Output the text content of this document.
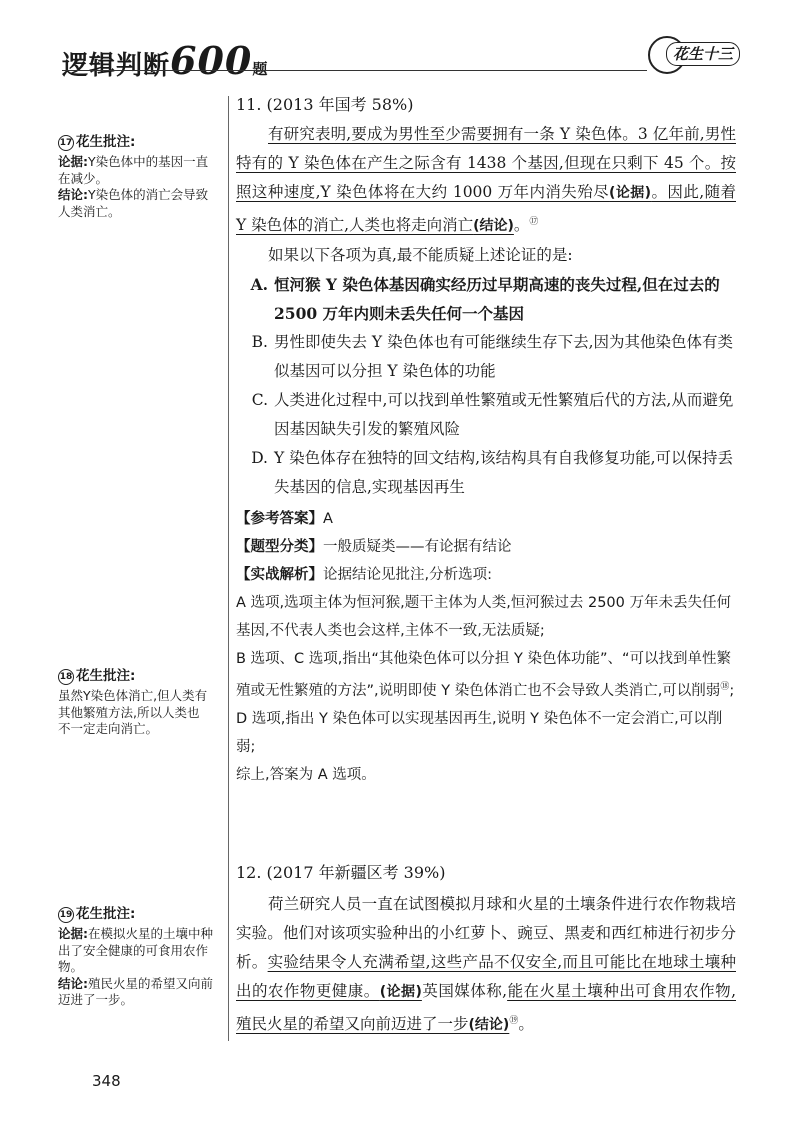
逻辑判断600题
花生十三
17 花生批注:

论据:Y染色体中的基因一直在减少。

结论:Y染色体的消亡会导致人类消亡。

18 花生批注:

虽然Y染色体消亡,但人类有其他繁殖方法,所以人类也不一定走向消亡。

19 花生批注:

论据:在模拟火星的土壤中种出了安全健康的可食用农作物。

结论:殖民火星的希望又向前迈进了一步。

11. (2013 年国考 58%)

有研究表明,要成为男性至少需要拥有一条 Y 染色体。3 亿年前,男性特有的 Y 染色体在产生之际含有 1438 个基因,但现在只剩下 45 个。按照这种速度,Y 染色体将在大约 1000 万年内消失殆尽(论据)。因此,随着 Y 染色体的消亡,人类也将走向消亡(结论)。⑰

如果以下各项为真,最不能质疑上述论证的是:

A. 恒河猴 Y 染色体基因确实经历过早期高速的丧失过程,但在过去的 2500 万年内则未丢失任何一个基因
B. 男性即使失去 Y 染色体也有可能继续生存下去,因为其他染色体有类似基因可以分担 Y 染色体的功能
C. 人类进化过程中,可以找到单性繁殖或无性繁殖后代的方法,从而避免因基因缺失引发的繁殖风险
D. Y 染色体存在独特的回文结构,该结构具有自我修复功能,可以保持丢失基因的信息,实现基因再生

【参考答案】A

【题型分类】一般质疑类——有论据有结论

【实战解析】论据结论见批注,分析选项:

A 选项,选项主体为恒河猴,题干主体为人类,恒河猴过去 2500 万年未丢失任何基因,不代表人类也会这样,主体不一致,无法质疑;

B 选项、C 选项,指出“其他染色体可以分担 Y 染色体功能”、“可以找到单性繁殖或无性繁殖的方法”,说明即使 Y 染色体消亡也不会导致人类消亡,可以削弱⑱;

D 选项,指出 Y 染色体可以实现基因再生,说明 Y 染色体不一定会消亡,可以削弱;

综上,答案为 A 选项。

12. (2017 年新疆区考 39%)

荷兰研究人员一直在试图模拟月球和火星的土壤条件进行农作物栽培实验。他们对该项实验种出的小红萝卜、豌豆、黑麦和西红柿进行初步分析。实验结果令人充满希望,这些产品不仅安全,而且可能比在地球土壤种出的农作物更健康。(论据)英国媒体称,能在火星土壤种出可食用农作物,殖民火星的希望又向前迈进了一步(结论)⑲。

348
